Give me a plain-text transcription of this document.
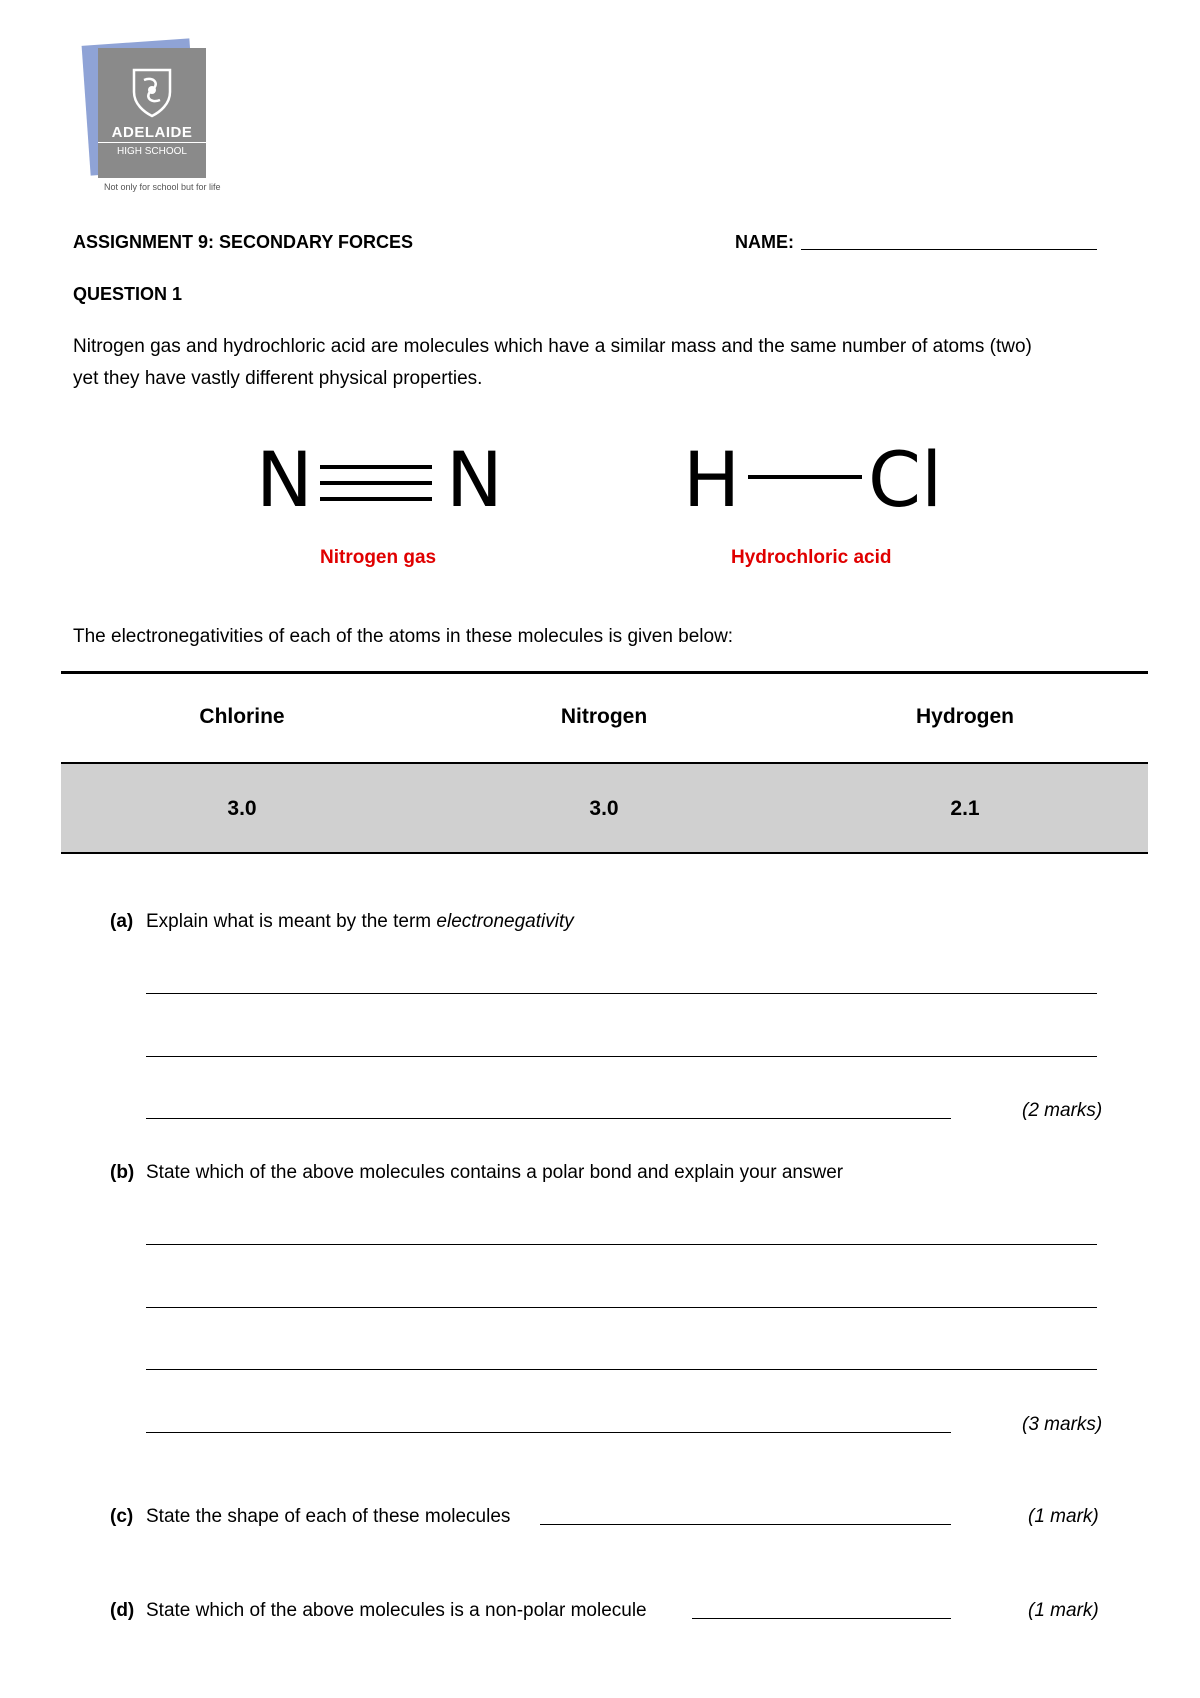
ADELAIDE
HIGH SCHOOL
Not only for school but for life
ASSIGNMENT 9: SECONDARY FORCES	NAME:
QUESTION 1
Nitrogen gas and hydrochloric acid are molecules which have a similar mass and the same number of atoms (two)
yet they have vastly different physical properties.
N N
Nitrogen gas
H Cl
Hydrochloric acid
The electronegativities of each of the atoms in these molecules is given below:
Chlorine	Nitrogen	Hydrogen
3.0	3.0	2.1
(a) Explain what is meant by the term electronegativity
(2 marks)
(b) State which of the above molecules contains a polar bond and explain your answer
(3 marks)
(c) State the shape of each of these molecules	(1 mark)
(d) State which of the above molecules is a non-polar molecule	(1 mark)
